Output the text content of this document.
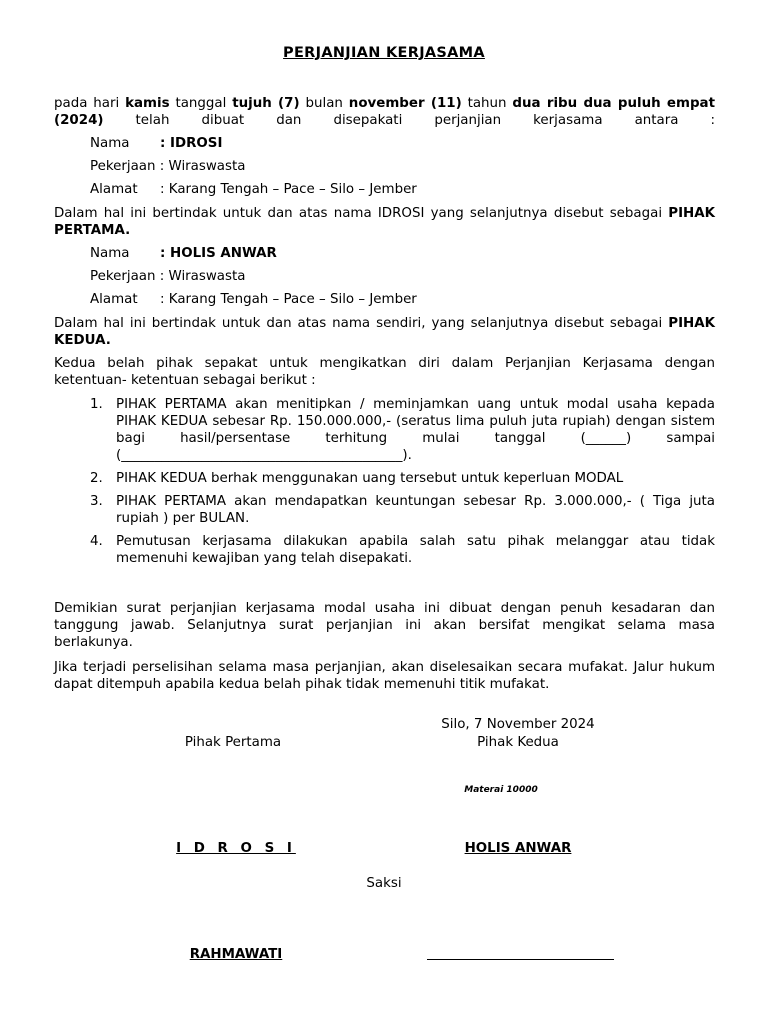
PERJANJIAN KERJASAMA
pada hari kamis tanggal tujuh (7) bulan november (11) tahun dua ribu dua puluh empat (2024) telah dibuat dan disepakati perjanjian kerjasama antara :
Nama : IDROSI
Pekerjaan : Wiraswasta
Alamat : Karang Tengah – Pace – Silo – Jember
Dalam hal ini bertindak untuk dan atas nama IDROSI yang selanjutnya disebut sebagai PIHAK PERTAMA.
Nama : HOLIS ANWAR
Pekerjaan : Wiraswasta
Alamat : Karang Tengah – Pace – Silo – Jember
Dalam hal ini bertindak untuk dan atas nama sendiri, yang selanjutnya disebut sebagai PIHAK KEDUA.
Kedua belah pihak sepakat untuk mengikatkan diri dalam Perjanjian Kerjasama dengan ketentuan- ketentuan sebagai berikut :
1. PIHAK PERTAMA akan menitipkan / meminjamkan uang untuk modal usaha kepada PIHAK KEDUA sebesar Rp. 150.000.000,- (seratus lima puluh juta rupiah) dengan sistem bagi hasil/persentase terhitung mulai tanggal (______) sampai (__________________________________________).
2. PIHAK KEDUA berhak menggunakan uang tersebut untuk keperluan MODAL
3. PIHAK PERTAMA akan mendapatkan keuntungan sebesar Rp. 3.000.000,- ( Tiga juta rupiah ) per BULAN.
4. Pemutusan kerjasama dilakukan apabila salah satu pihak melanggar atau tidak memenuhi kewajiban yang telah disepakati.
Demikian surat perjanjian kerjasama modal usaha ini dibuat dengan penuh kesadaran dan tanggung jawab. Selanjutnya surat perjanjian ini akan bersifat mengikat selama masa berlakunya.
Jika terjadi perselisihan selama masa perjanjian, akan diselesaikan secara mufakat. Jalur hukum dapat ditempuh apabila kedua belah pihak tidak memenuhi titik mufakat.
Silo, 7 November 2024
Pihak Pertama	Pihak Kedua
Materai 10000
I D R O S I	HOLIS ANWAR
Saksi
RAHMAWATI
